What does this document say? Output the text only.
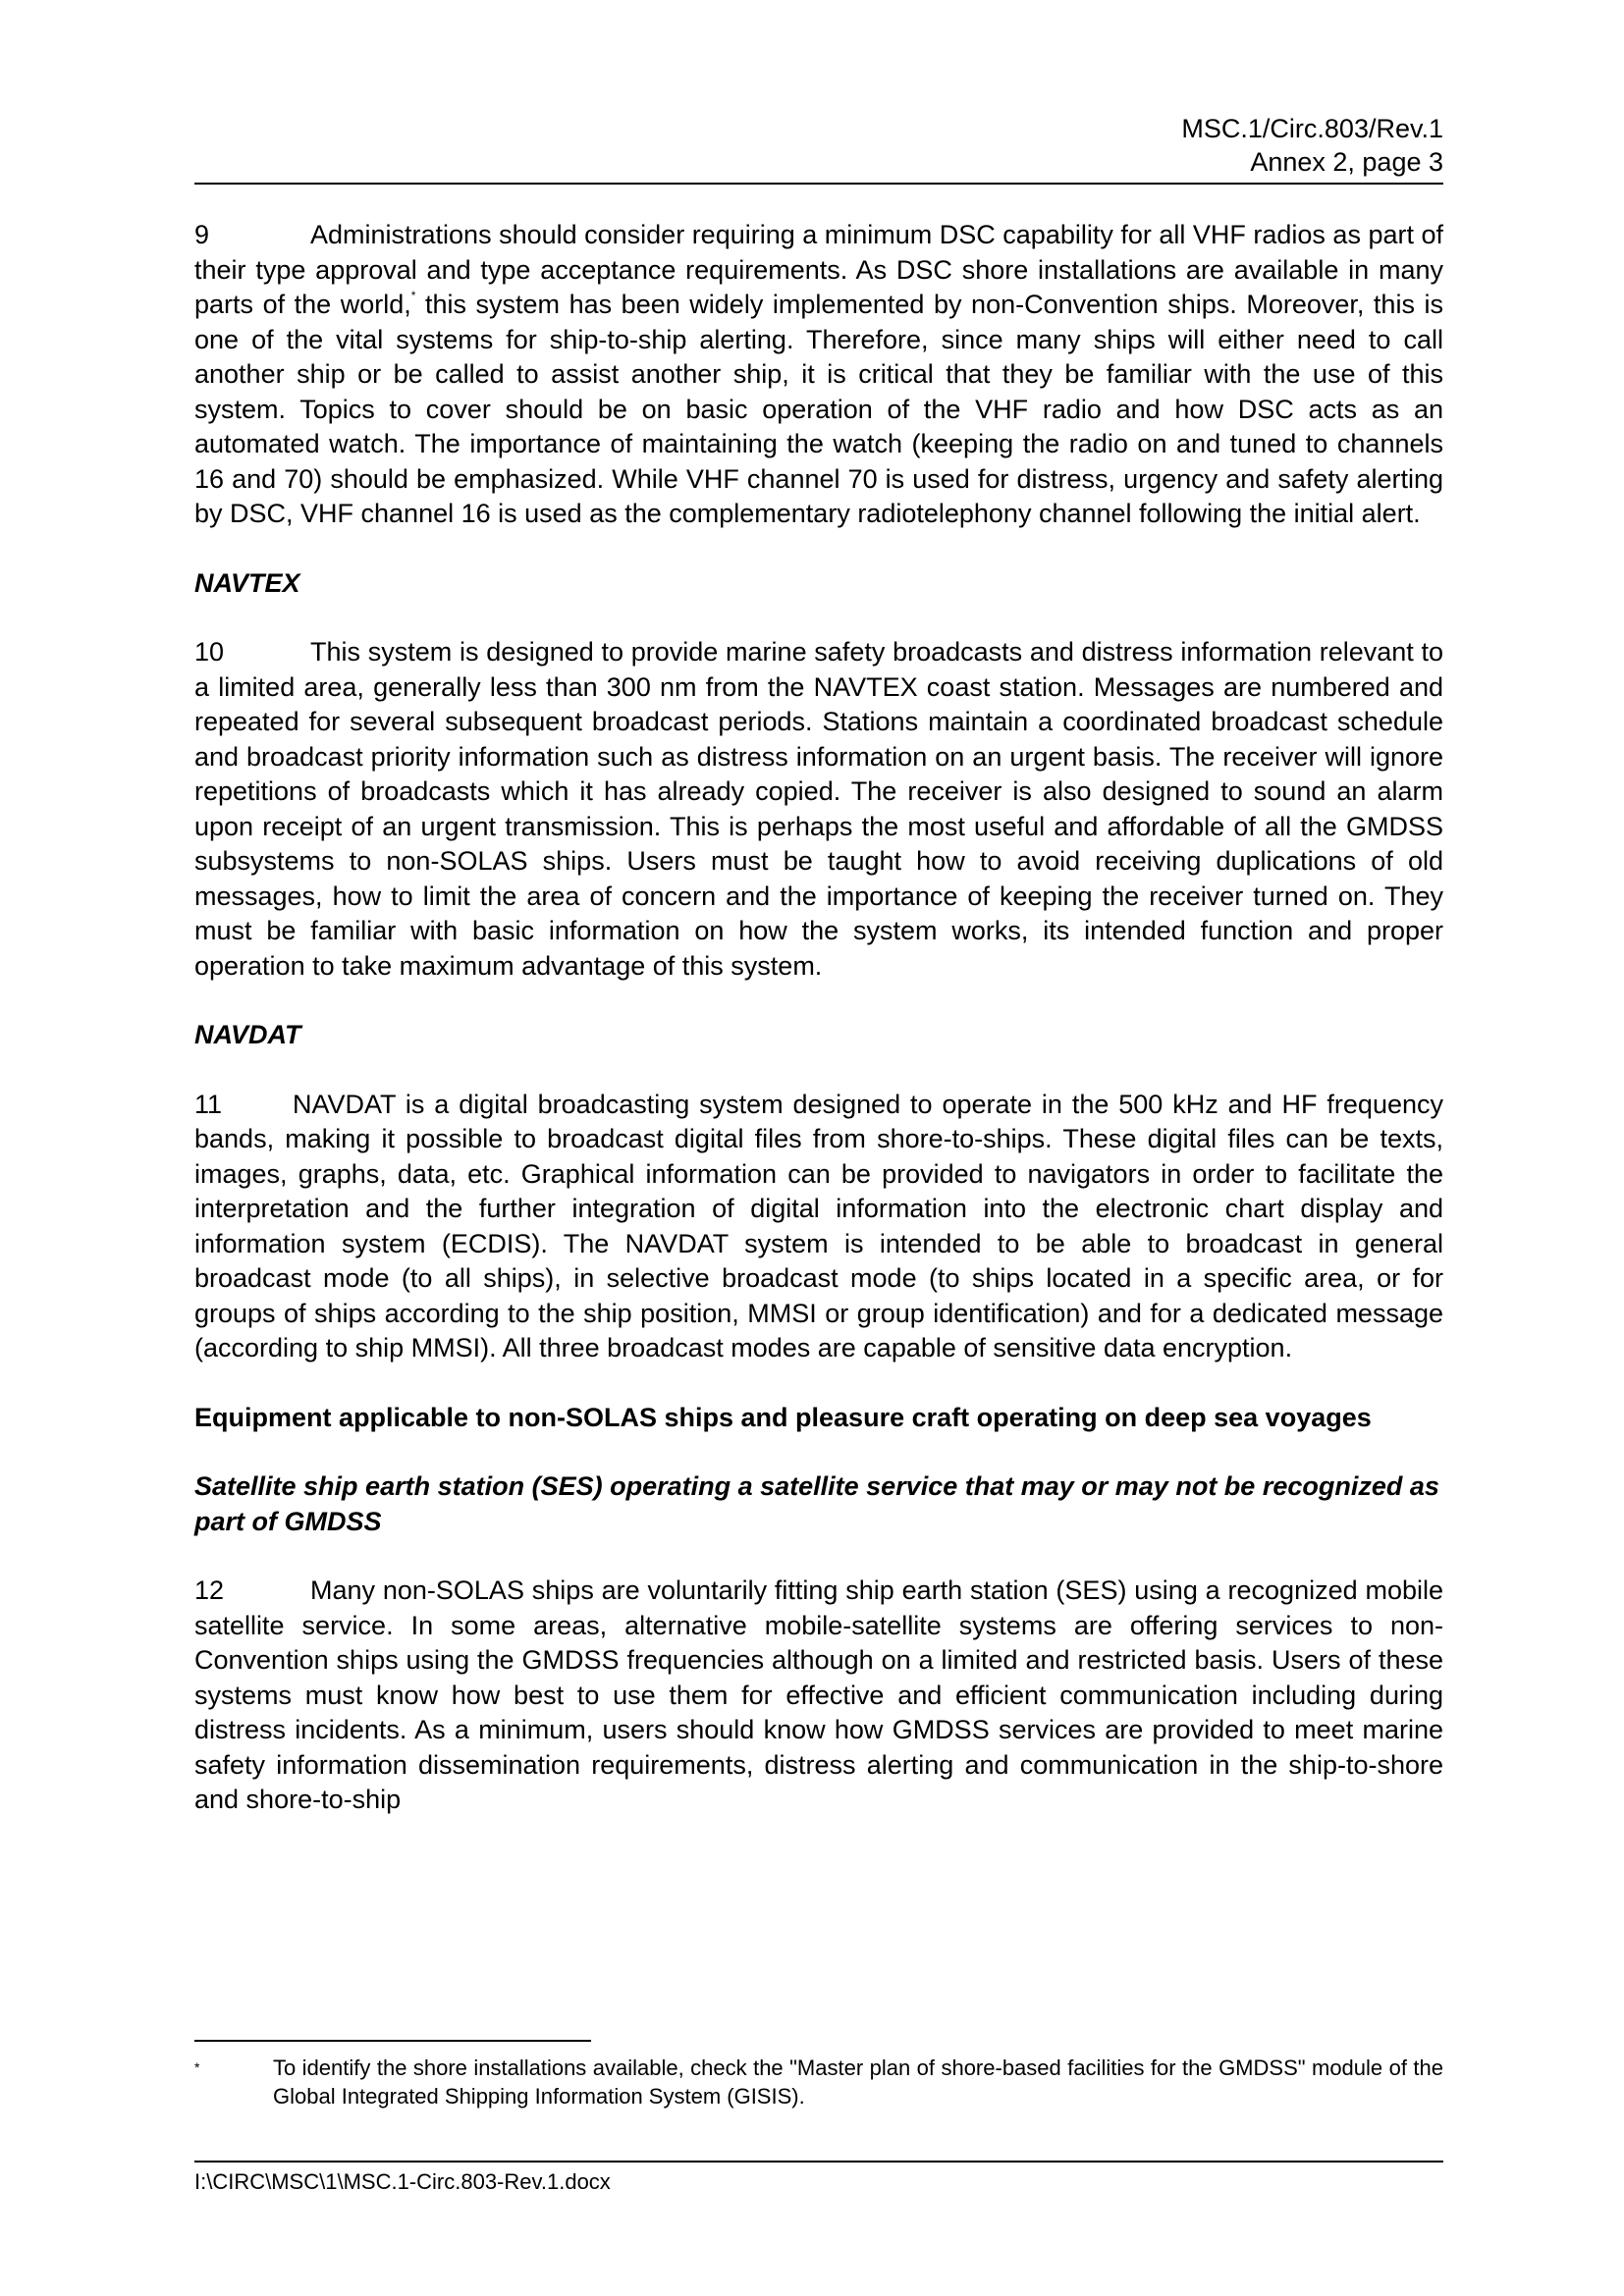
MSC.1/Circ.803/Rev.1
Annex 2, page 3

9	Administrations should consider requiring a minimum DSC capability for all VHF radios as part of their type approval and type acceptance requirements. As DSC shore installations are available in many parts of the world,* this system has been widely implemented by non-Convention ships. Moreover, this is one of the vital systems for ship-to-ship alerting. Therefore, since many ships will either need to call another ship or be called to assist another ship, it is critical that they be familiar with the use of this system. Topics to cover should be on basic operation of the VHF radio and how DSC acts as an automated watch. The importance of maintaining the watch (keeping the radio on and tuned to channels 16 and 70) should be emphasized. While VHF channel 70 is used for distress, urgency and safety alerting by DSC, VHF channel 16 is used as the complementary radiotelephony channel following the initial alert.

NAVTEX

10	This system is designed to provide marine safety broadcasts and distress information relevant to a limited area, generally less than 300 nm from the NAVTEX coast station. Messages are numbered and repeated for several subsequent broadcast periods. Stations maintain a coordinated broadcast schedule and broadcast priority information such as distress information on an urgent basis. The receiver will ignore repetitions of broadcasts which it has already copied. The receiver is also designed to sound an alarm upon receipt of an urgent transmission. This is perhaps the most useful and affordable of all the GMDSS subsystems to non-SOLAS ships. Users must be taught how to avoid receiving duplications of old messages, how to limit the area of concern and the importance of keeping the receiver turned on. They must be familiar with basic information on how the system works, its intended function and proper operation to take maximum advantage of this system.

NAVDAT

11	NAVDAT is a digital broadcasting system designed to operate in the 500 kHz and HF frequency bands, making it possible to broadcast digital files from shore-to-ships. These digital files can be texts, images, graphs, data, etc. Graphical information can be provided to navigators in order to facilitate the interpretation and the further integration of digital information into the electronic chart display and information system (ECDIS). The NAVDAT system is intended to be able to broadcast in general broadcast mode (to all ships), in selective broadcast mode (to ships located in a specific area, or for groups of ships according to the ship position, MMSI or group identification) and for a dedicated message (according to ship MMSI). All three broadcast modes are capable of sensitive data encryption.

Equipment applicable to non-SOLAS ships and pleasure craft operating on deep sea voyages
Satellite ship earth station (SES) operating a satellite service that may or may not be recognized as part of GMDSS

12	Many non-SOLAS ships are voluntarily fitting ship earth station (SES) using a recognized mobile satellite service. In some areas, alternative mobile-satellite systems are offering services to non-Convention ships using the GMDSS frequencies although on a limited and restricted basis. Users of these systems must know how best to use them for effective and efficient communication including during distress incidents. As a minimum, users should know how GMDSS services are provided to meet marine safety information dissemination requirements, distress alerting and communication in the ship-to-shore and shore-to-ship

*	To identify the shore installations available, check the "Master plan of shore-based facilities for the GMDSS" module of the Global Integrated Shipping Information System (GISIS).
I:\CIRC\MSC\1\MSC.1-Circ.803-Rev.1.docx
